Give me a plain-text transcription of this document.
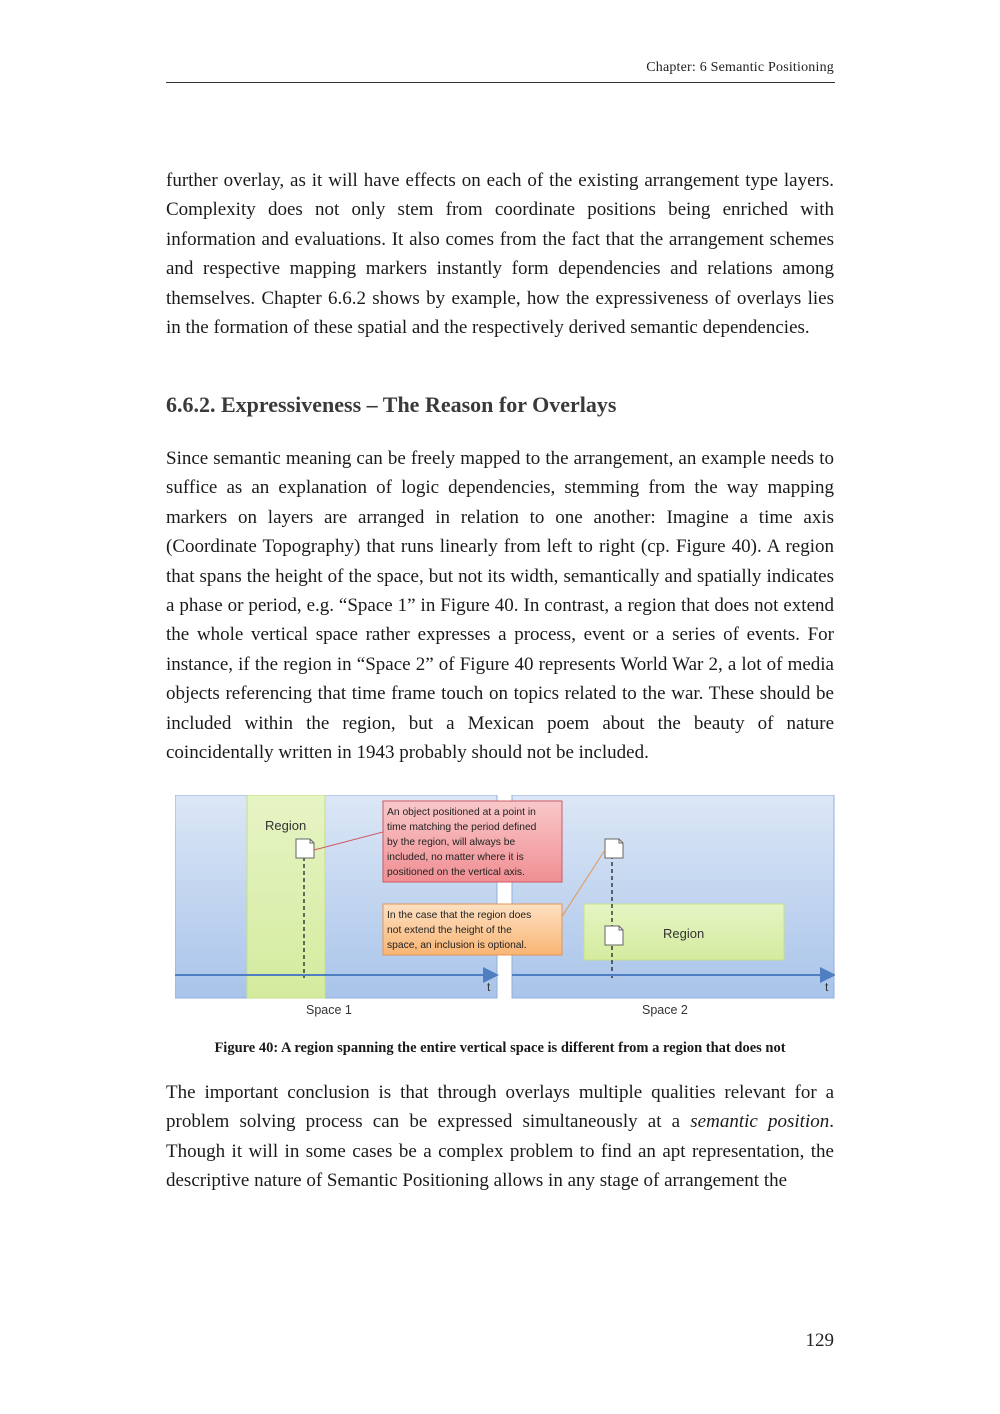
Chapter: 6 Semantic Positioning

further overlay, as it will have effects on each of the existing arrangement type layers. Complexity does not only stem from coordinate positions being enriched with information and evaluations. It also comes from the fact that the arrangement schemes and respective mapping markers instantly form dependencies and relations among themselves. Chapter 6.6.2 shows by example, how the expressiveness of overlays lies in the formation of these spatial and the respectively derived semantic dependencies.

6.6.2. Expressiveness – The Reason for Overlays

Since semantic meaning can be freely mapped to the arrangement, an example needs to suffice as an explanation of logic dependencies, stemming from the way mapping markers on layers are arranged in relation to one another: Imagine a time axis (Coordinate Topography) that runs linearly from left to right (cp. Figure 40). A region that spans the height of the space, but not its width, semantically and spatially indicates a phase or period, e.g. “Space 1” in Figure 40. In contrast, a region that does not extend the whole vertical space rather expresses a process, event or a series of events. For instance, if the region in “Space 2” of Figure 40 represents World War 2, a lot of media objects referencing that time frame touch on topics related to the war. These should be included within the region, but a Mexican poem about the beauty of nature coincidentally written in 1943 probably should not be included.

Region
t
Region
t
An object positioned at a point in
time matching the period defined
by the region, will always be
included, no matter where it is
positioned on the vertical axis.
In the case that the region does
not extend the height of the
space, an inclusion is optional.
Space 1	Space 2

Figure 40: A region spanning the entire vertical space is different from a region that does not

The important conclusion is that through overlays multiple qualities relevant for a problem solving process can be expressed simultaneously at a semantic position. Though it will in some cases be a complex problem to find an apt representation, the descriptive nature of Semantic Positioning allows in any stage of arrangement the

129
